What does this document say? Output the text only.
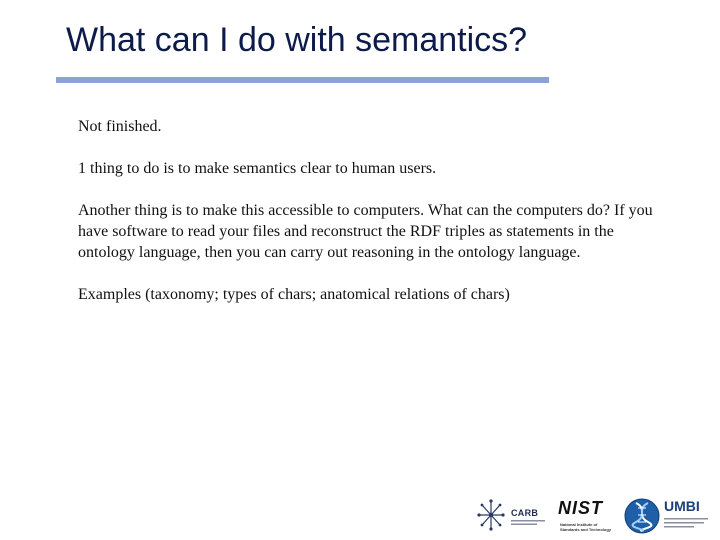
What can I do with semantics?

Not finished.

1 thing to do is to make semantics clear to human users.

Another thing is to make this accessible to computers. What can the computers do? If you have software to read your files and reconstruct the RDF triples as statements in the ontology language, then you can carry out reasoning in the ontology language.

Examples (taxonomy; types of chars; anatomical relations of chars)

CARB NIST
National Institute of Standards and Technology
UMBI
